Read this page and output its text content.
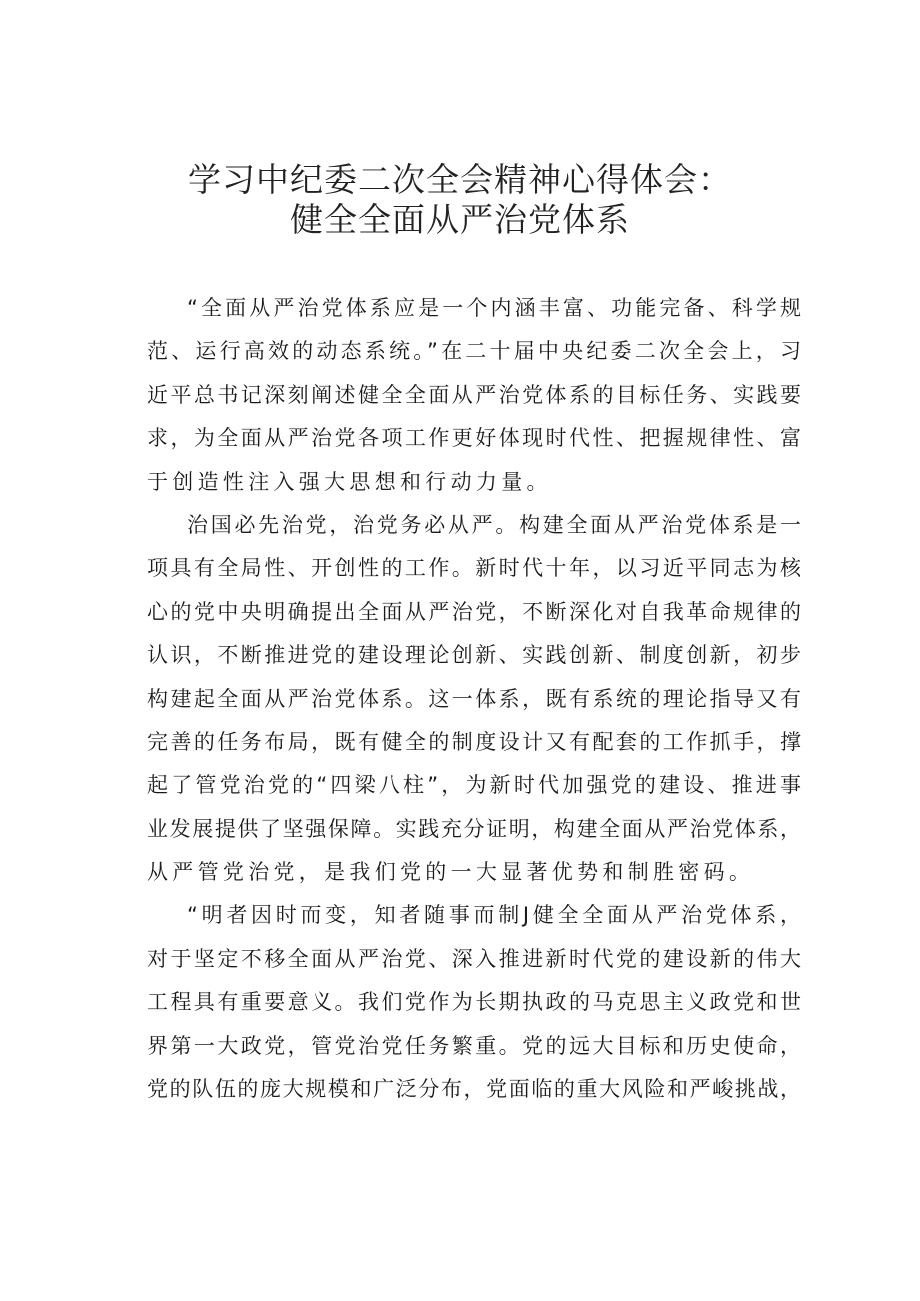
学习中纪委二次全会精神心得体会：
健全全面从严治党体系
“全面从严治党体系应是一个内涵丰富、功能完备、科学规
范、运行高效的动态系统。”在二十届中央纪委二次全会上，习
近平总书记深刻阐述健全全面从严治党体系的目标任务、实践要
求，为全面从严治党各项工作更好体现时代性、把握规律性、富
于创造性注入强大思想和行动力量。
治国必先治党，治党务必从严。构建全面从严治党体系是一
项具有全局性、开创性的工作。新时代十年，以习近平同志为核
心的党中央明确提出全面从严治党，不断深化对自我革命规律的
认识，不断推进党的建设理论创新、实践创新、制度创新，初步
构建起全面从严治党体系。这一体系，既有系统的理论指导又有
完善的任务布局，既有健全的制度设计又有配套的工作抓手，撑
起了管党治党的“四梁八柱”，为新时代加强党的建设、推进事
业发展提供了坚强保障。实践充分证明，构建全面从严治党体系，
从严管党治党，是我们党的一大显著优势和制胜密码。
“明者因时而变，知者随事而制J健全全面从严治党体系，
对于坚定不移全面从严治党、深入推进新时代党的建设新的伟大
工程具有重要意义。我们党作为长期执政的马克思主义政党和世
界第一大政党，管党治党任务繁重。党的远大目标和历史使命，
党的队伍的庞大规模和广泛分布，党面临的重大风险和严峻挑战，
